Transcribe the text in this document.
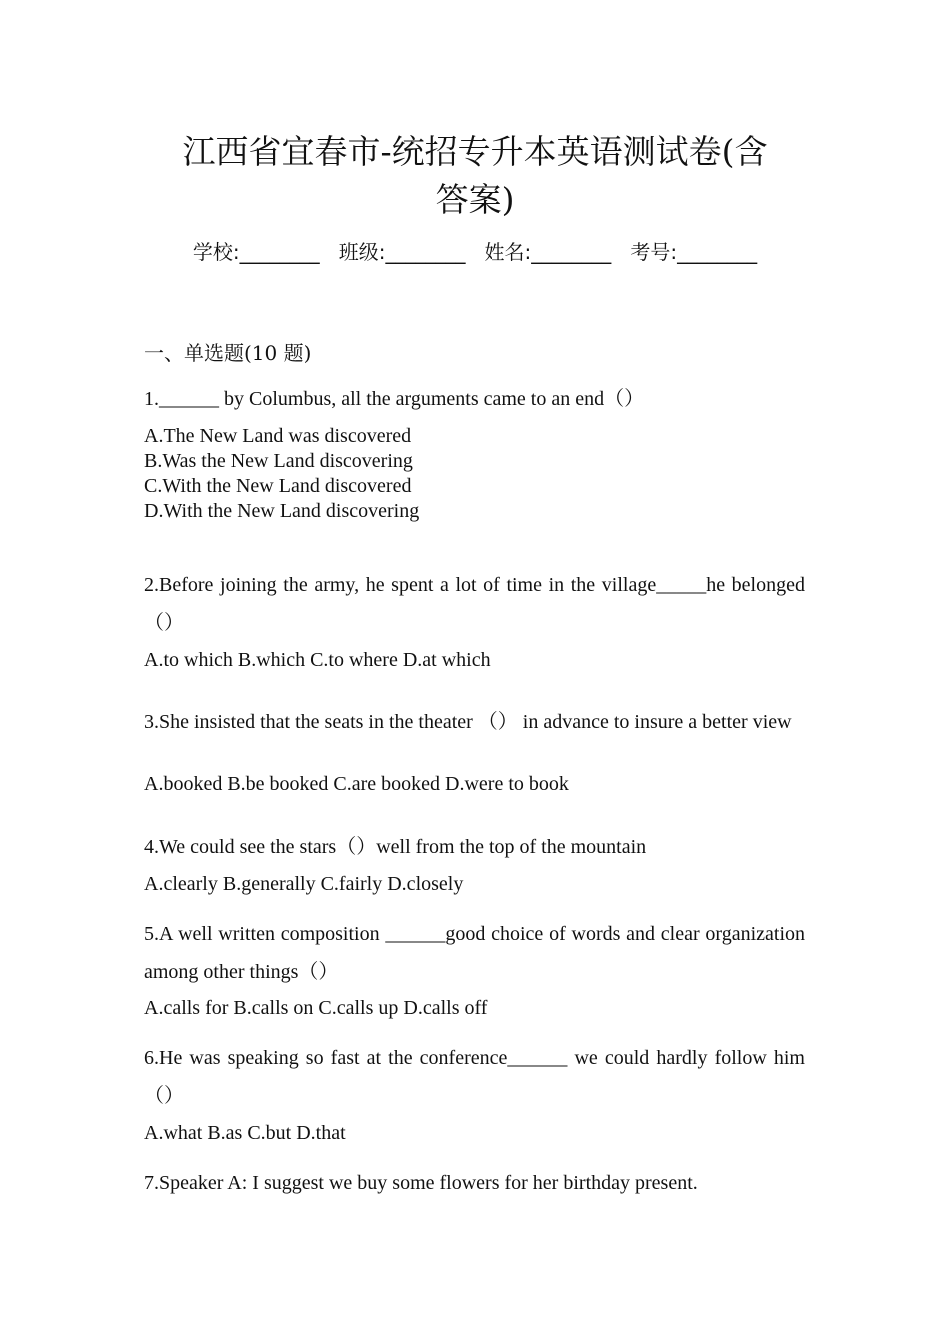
江西省宜春市-统招专升本英语测试卷(含
答案)
学校:________ 班级:________ 姓名:________ 考号:________
一、单选题(10 题)
1.______ by Columbus, all the arguments came to an end（）
A.The New Land was discovered
B.Was the New Land discovering
C.With the New Land discovered
D.With the New Land discovering
2.Before joining the army, he spent a lot of time in the village_____he belonged（）
A.to which B.which C.to where D.at which
3.She insisted that the seats in the theater （） in advance to insure a better view
A.booked B.be booked C.are booked D.were to book
4.We could see the stars（）well from the top of the mountain
A.clearly B.generally C.fairly D.closely
5.A well written composition ______good choice of words and clear organization among other things（）
A.calls for B.calls on C.calls up D.calls off
6.He was speaking so fast at the conference______ we could hardly follow him（）
A.what B.as C.but D.that
7.Speaker A: I suggest we buy some flowers for her birthday present.
